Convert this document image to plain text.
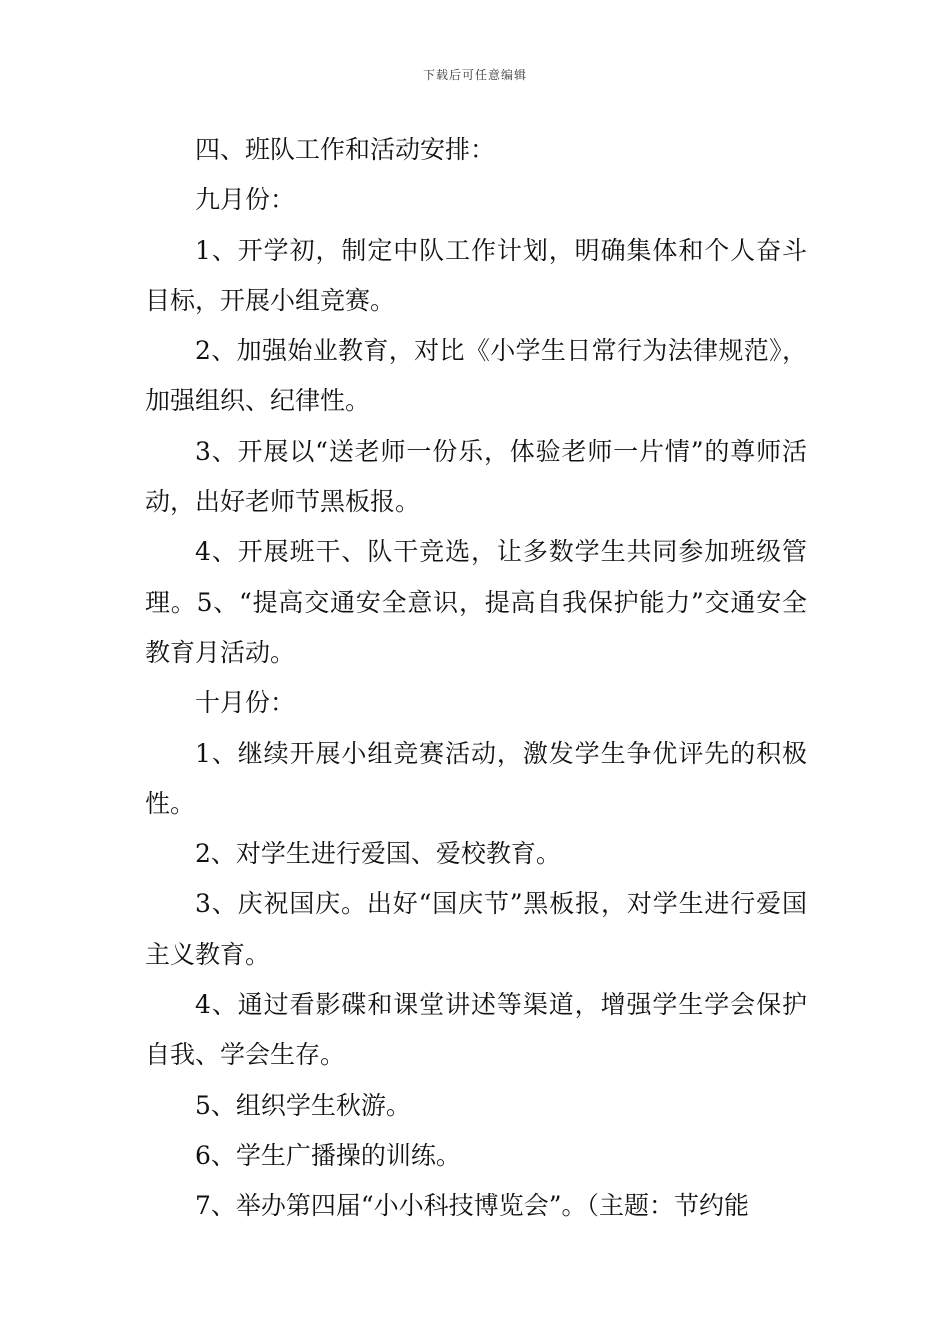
下载后可任意编辑

四、班队工作和活动安排：

九月份：

1、开学初，制定中队工作计划，明确集体和个人奋斗目标，开展小组竞赛。

2、加强始业教育，对比《小学生日常行为法律规范》，加强组织、纪律性。

3、开展以“送老师一份乐，体验老师一片情”的尊师活动，出好老师节黑板报。

4、开展班干、队干竞选，让多数学生共同参加班级管理。5、“提高交通安全意识，提高自我保护能力”交通安全教育月活动。

十月份：

1、继续开展小组竞赛活动，激发学生争优评先的积极性。

2、对学生进行爱国、爱校教育。

3、庆祝国庆。出好“国庆节”黑板报，对学生进行爱国主义教育。

4、通过看影碟和课堂讲述等渠道，增强学生学会保护自我、学会生存。

5、组织学生秋游。

6、学生广播操的训练。

7、举办第四届“小小科技博览会”。（主题：节约能
